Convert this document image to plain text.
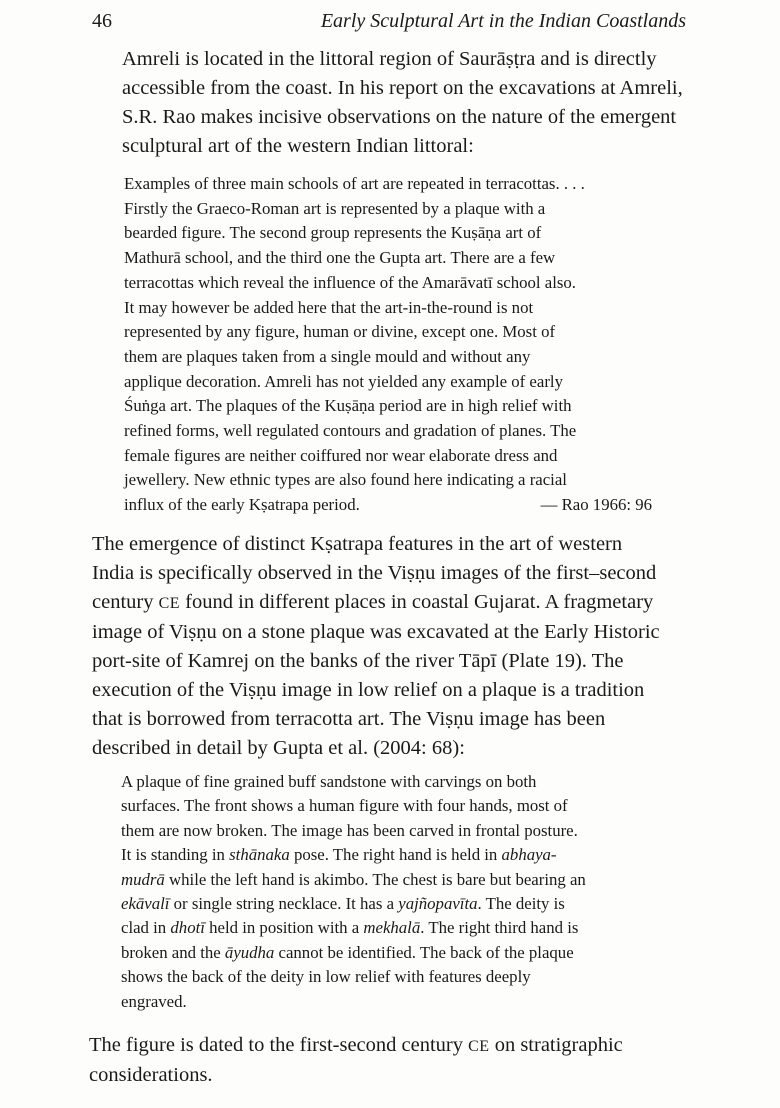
46	Early Sculptural Art in the Indian Coastlands

Amreli is located in the littoral region of Saurāṣṭra and is directly
accessible from the coast. In his report on the excavations at Amreli,
S.R. Rao makes incisive observations on the nature of the emergent
sculptural art of the western Indian littoral:

Examples of three main schools of art are repeated in terracottas. . . .
Firstly the Graeco-Roman art is represented by a plaque with a
bearded figure. The second group represents the Kuṣāṇa art of
Mathurā school, and the third one the Gupta art. There are a few
terracottas which reveal the influence of the Amarāvatī school also.
It may however be added here that the art-in-the-round is not
represented by any figure, human or divine, except one. Most of
them are plaques taken from a single mould and without any
applique decoration. Amreli has not yielded any example of early
Śuṅga art. The plaques of the Kuṣāṇa period are in high relief with
refined forms, well regulated contours and gradation of planes. The
female figures are neither coiffured nor wear elaborate dress and
jewellery. New ethnic types are also found here indicating a racial
influx of the early Kṣatrapa period.	— Rao 1966: 96

The emergence of distinct Kṣatrapa features in the art of western
India is specifically observed in the Viṣṇu images of the first–second
century CE found in different places in coastal Gujarat. A fragmetary
image of Viṣṇu on a stone plaque was excavated at the Early Historic
port-site of Kamrej on the banks of the river Tāpī (Plate 19). The
execution of the Viṣṇu image in low relief on a plaque is a tradition
that is borrowed from terracotta art. The Viṣṇu image has been
described in detail by Gupta et al. (2004: 68):

A plaque of fine grained buff sandstone with carvings on both
surfaces. The front shows a human figure with four hands, most of
them are now broken. The image has been carved in frontal posture.
It is standing in sthānaka pose. The right hand is held in abhaya-
mudrā while the left hand is akimbo. The chest is bare but bearing an
ekāvalī or single string necklace. It has a yajñopavīta. The deity is
clad in dhotī held in position with a mekhalā. The right third hand is
broken and the āyudha cannot be identified. The back of the plaque
shows the back of the deity in low relief with features deeply
engraved.

The figure is dated to the first-second century CE on stratigraphic
considerations.
